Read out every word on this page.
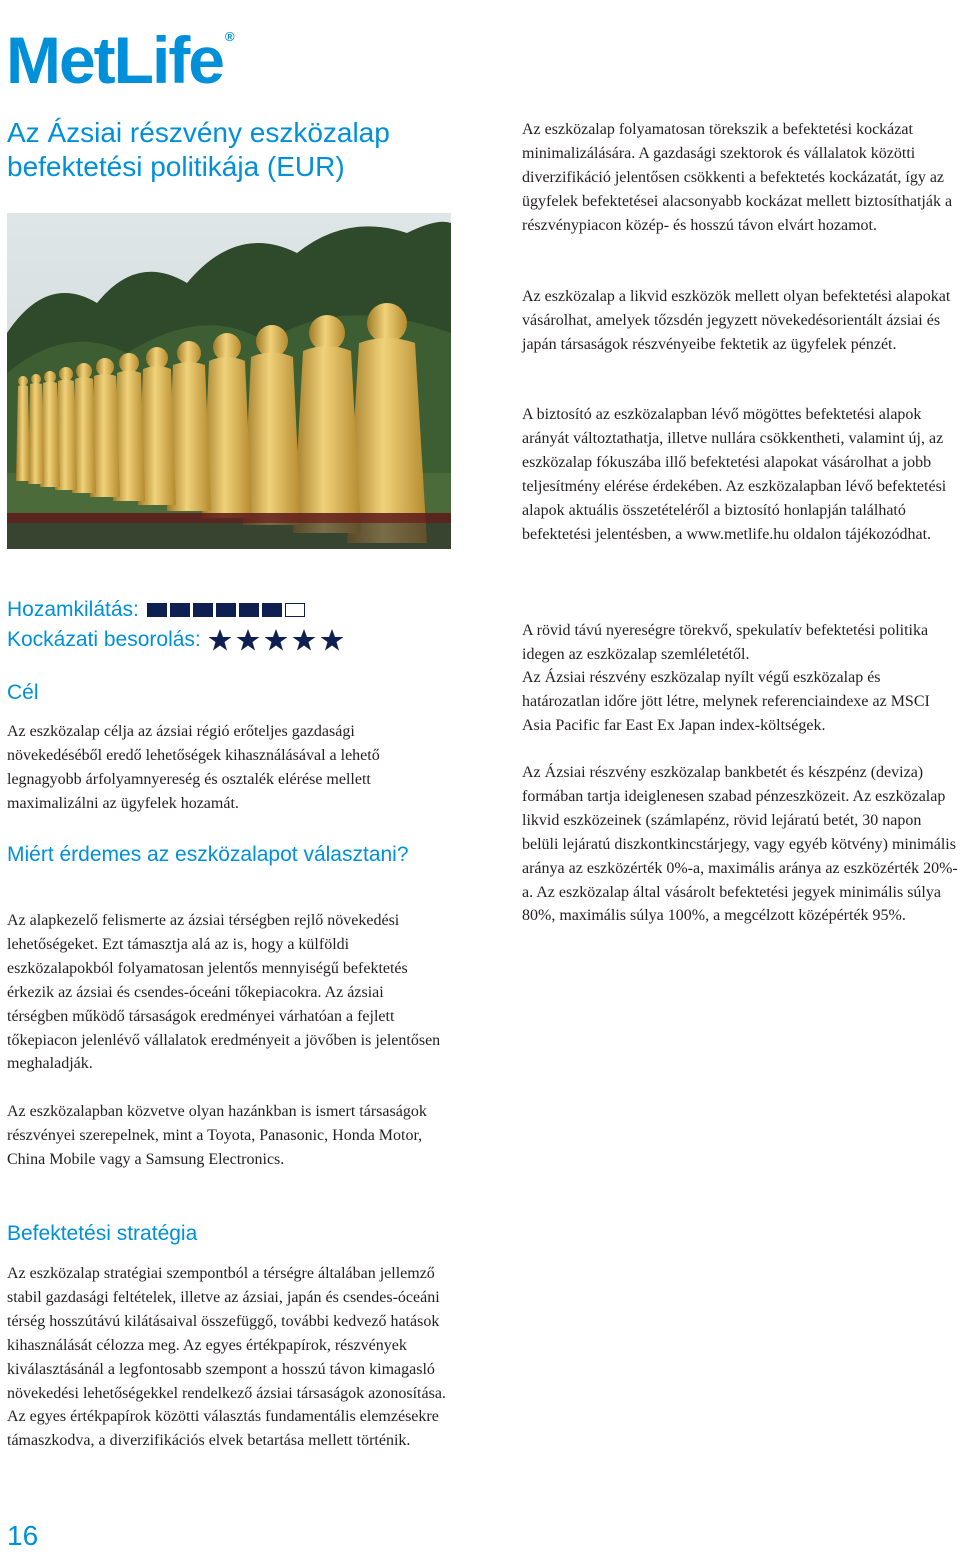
MetLife ®
Az Ázsiai részvény eszközalap befektetési politikája (EUR)
Hozamkilátás:
Kockázati besorolás:
Cél

Az eszközalap célja az ázsiai régió erőteljes gazdasági növekedéséből eredő lehetőségek kihasználásával a lehető legnagyobb árfolyamnyereség és osztalék elérése mellett maximalizálni az ügyfelek hozamát.

Miért érdemes az eszközalapot választani?

Az alapkezelő felismerte az ázsiai térségben rejlő növekedési lehetőségeket. Ezt támasztja alá az is, hogy a külföldi eszközalapokból folyamatosan jelentős mennyiségű befektetés érkezik az ázsiai és csendes-óceáni tőkepiacokra. Az ázsiai térségben működő társaságok eredményei várhatóan a fejlett tőkepiacon jelenlévő vállalatok eredményeit a jövőben is jelentősen meghaladják.

Az eszközalapban közvetve olyan hazánkban is ismert társaságok részvényei szerepelnek, mint a Toyota, Panasonic, Honda Motor, China Mobile vagy a Samsung Electronics.

Befektetési stratégia

Az eszközalap stratégiai szempontból a térségre általában jellemző stabil gazdasági feltételek, illetve az ázsiai, japán és csendes-óceáni térség hosszútávú kilátásaival összefüggő, további kedvező hatások kihasználását célozza meg. Az egyes értékpapírok, részvények kiválasztásánál a legfontosabb szempont a hosszú távon kimagasló növekedési lehetőségekkel rendelkező ázsiai társaságok azonosítása. Az egyes értékpapírok közötti választás fundamentális elemzésekre támaszkodva, a diverzifikációs elvek betartása mellett történik.

Az eszközalap folyamatosan törekszik a befektetési kockázat minimalizálására. A gazdasági szektorok és vállalatok közötti diverzifikáció jelentősen csökkenti a befektetés kockázatát, így az ügyfelek befektetései alacsonyabb kockázat mellett biztosíthatják a részvénypiacon közép- és hosszú távon elvárt hozamot.

Az eszközalap a likvid eszközök mellett olyan befektetési alapokat vásárolhat, amelyek tőzsdén jegyzett növekedésorientált ázsiai és japán társaságok részvényeibe fektetik az ügyfelek pénzét.

A biztosító az eszközalapban lévő mögöttes befektetési alapok arányát változtathatja, illetve nullára csökkentheti, valamint új, az eszközalap fókuszába illő befektetési alapokat vásárolhat a jobb teljesítmény elérése érdekében. Az eszközalapban lévő befektetési alapok aktuális összetételéről a biztosító honlapján található befektetési jelentésben, a www.metlife.hu oldalon tájékozódhat.

A rövid távú nyereségre törekvő, spekulatív befektetési politika idegen az eszközalap szemléletétől.

Az Ázsiai részvény eszközalap nyílt végű eszközalap és határozatlan időre jött létre, melynek referenciaindexe az MSCI Asia Pacific far East Ex Japan index-költségek.

Az Ázsiai részvény eszközalap bankbetét és készpénz (deviza) formában tartja ideiglenesen szabad pénzeszközeit. Az eszközalap likvid eszközeinek (számlapénz, rövid lejáratú betét, 30 napon belüli lejáratú diszkontkincstárjegy, vagy egyéb kötvény) minimális aránya az eszközérték 0%-a, maximális aránya az eszközérték 20%-a. Az eszközalap által vásárolt befektetési jegyek minimális súlya 80%, maximális súlya 100%, a megcélzott középérték 95%.

16
